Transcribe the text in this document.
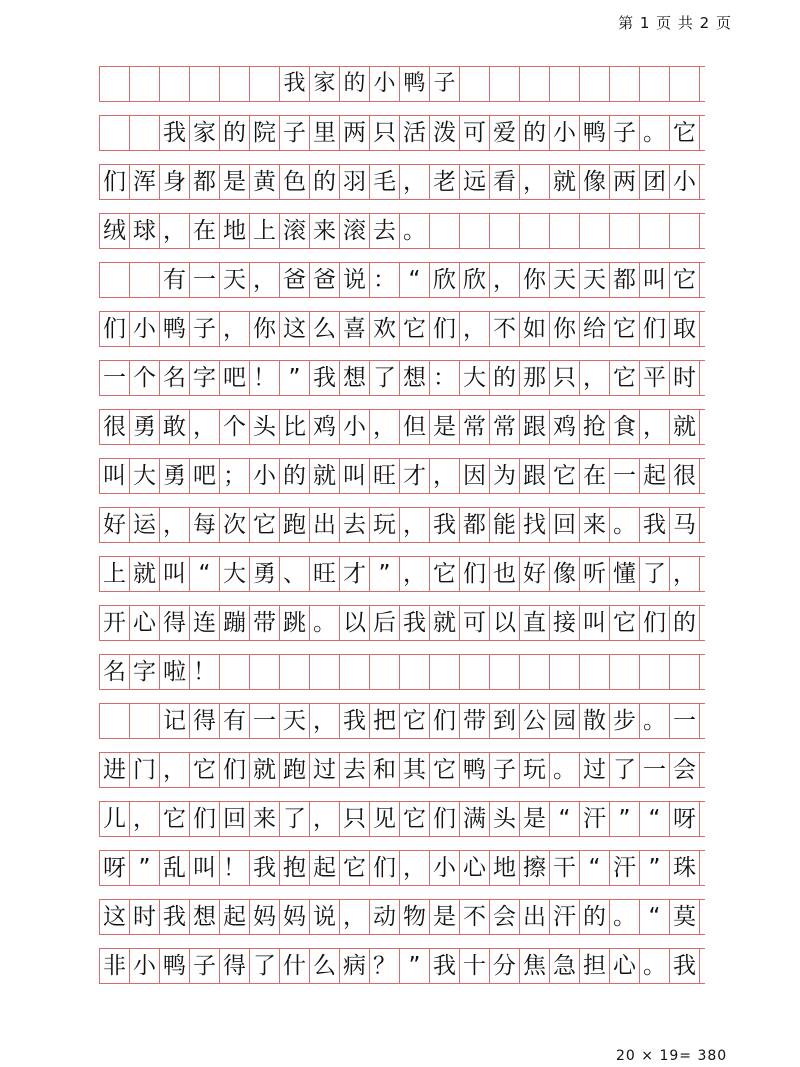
第 1 页 共 2 页
我 家 的 小 鸭 子
我 家 的 院 子 里 两 只 活 泼 可 爱 的 小 鸭 子 。 它
们 浑 身 都 是 黄 色 的 羽 毛 ， 老 远 看 ， 就 像 两 团 小
绒 球 ， 在 地 上 滚 来 滚 去 。
有 一 天 ， 爸 爸 说 ： “ 欣 欣 ， 你 天 天 都 叫 它
们 小 鸭 子 ， 你 这 么 喜 欢 它 们 ， 不 如 你 给 它 们 取
一 个 名 字 吧 ！ ” 我 想 了 想 ： 大 的 那 只 ， 它 平 时
很 勇 敢 ， 个 头 比 鸡 小 ， 但 是 常 常 跟 鸡 抢 食 ， 就
叫 大 勇 吧 ； 小 的 就 叫 旺 才 ， 因 为 跟 它 在 一 起 很
好 运 ， 每 次 它 跑 出 去 玩 ， 我 都 能 找 回 来 。 我 马
上 就 叫 “ 大 勇 、 旺 才 ” ， 它 们 也 好 像 听 懂 了 ，
开 心 得 连 蹦 带 跳 。 以 后 我 就 可 以 直 接 叫 它 们 的
名 字 啦 ！
记 得 有 一 天 ， 我 把 它 们 带 到 公 园 散 步 。 一
进 门 ， 它 们 就 跑 过 去 和 其 它 鸭 子 玩 。 过 了 一 会
儿 ， 它 们 回 来 了 ， 只 见 它 们 满 头 是 “ 汗 ” “ 呀
呀 ” 乱 叫 ！ 我 抱 起 它 们 ， 小 心 地 擦 干 “ 汗 ” 珠
这 时 我 想 起 妈 妈 说 ， 动 物 是 不 会 出 汗 的 。 “ 莫
非 小 鸭 子 得 了 什 么 病 ？ ” 我 十 分 焦 急 担 心 。 我
20 × 19= 380
